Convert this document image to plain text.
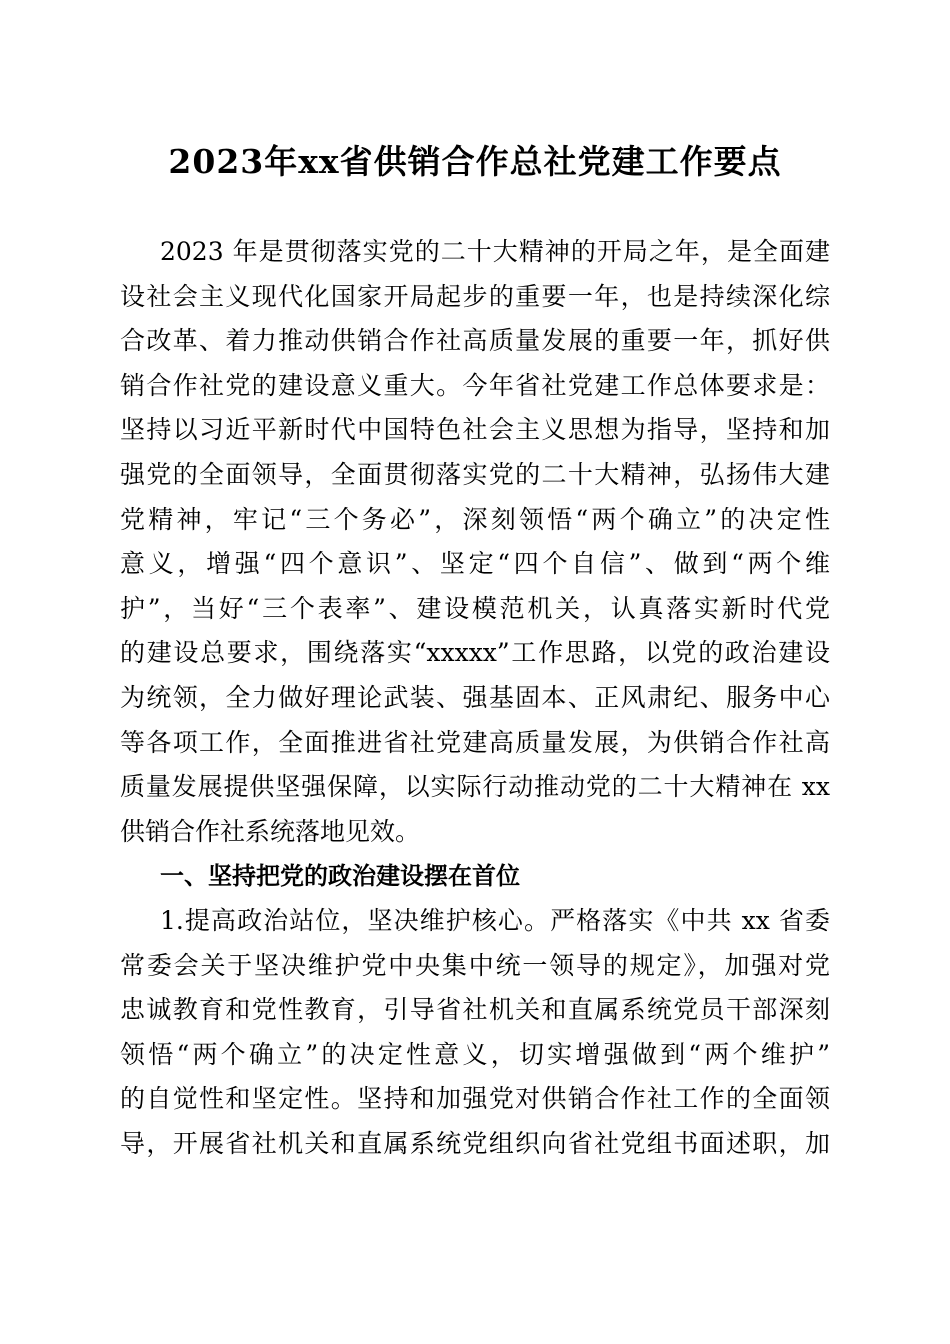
2023年xx省供销合作总社党建工作要点
2023 年是贯彻落实党的二十大精神的开局之年，是全面建
设社会主义现代化国家开局起步的重要一年，也是持续深化综
合改革、着力推动供销合作社高质量发展的重要一年，抓好供
销合作社党的建设意义重大。今年省社党建工作总体要求是：
坚持以习近平新时代中国特色社会主义思想为指导，坚持和加
强党的全面领导，全面贯彻落实党的二十大精神，弘扬伟大建
党精神，牢记“三个务必”，深刻领悟“两个确立”的决定性
意义，增强“四个意识”、坚定“四个自信”、做到“两个维
护”，当好“三个表率”、建设模范机关，认真落实新时代党
的建设总要求，围绕落实“xxxxx”工作思路，以党的政治建设
为统领，全力做好理论武装、强基固本、正风肃纪、服务中心
等各项工作，全面推进省社党建高质量发展，为供销合作社高
质量发展提供坚强保障，以实际行动推动党的二十大精神在 xx
供销合作社系统落地见效。
一、坚持把党的政治建设摆在首位
1.提高政治站位，坚决维护核心。严格落实《中共 xx 省委
常委会关于坚决维护党中央集中统一领导的规定》，加强对党
忠诚教育和党性教育，引导省社机关和直属系统党员干部深刻
领悟“两个确立”的决定性意义，切实增强做到“两个维护”
的自觉性和坚定性。坚持和加强党对供销合作社工作的全面领
导，开展省社机关和直属系统党组织向省社党组书面述职，加
